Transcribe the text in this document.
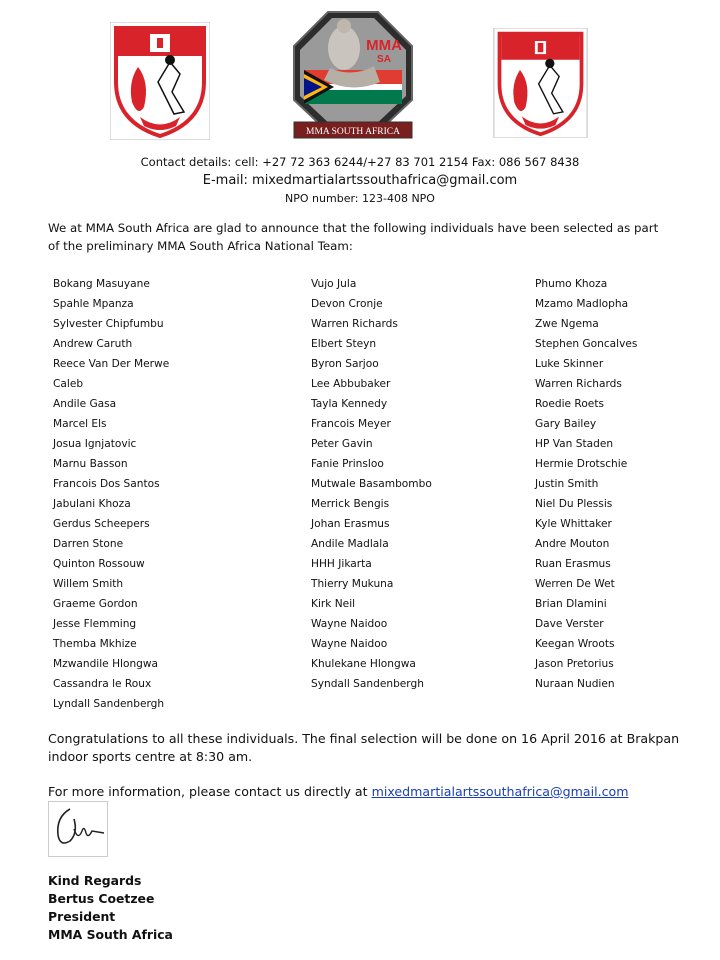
MMA
SA
MMA SOUTH AFRICA
Contact details: cell: +27 72 363 6244/+27 83 701 2154 Fax: 086 567 8438
E-mail: mixedmartialartssouthafrica@gmail.com
NPO number: 123-408 NPO
We at MMA South Africa are glad to announce that the following individuals have been selected as part of the preliminary MMA South Africa National Team:
Bokang Masuyane
Spahle Mpanza
Sylvester Chipfumbu
Andrew Caruth
Reece Van Der Merwe
Caleb
Andile Gasa
Marcel Els
Josua Ignjatovic
Marnu Basson
Francois Dos Santos
Jabulani Khoza
Gerdus Scheepers
Darren Stone
Quinton Rossouw
Willem Smith
Graeme Gordon
Jesse Flemming
Themba Mkhize
Mzwandile Hlongwa
Cassandra le Roux
Lyndall Sandenbergh
Vujo Jula
Devon Cronje
Warren Richards
Elbert Steyn
Byron Sarjoo
Lee Abbubaker
Tayla Kennedy
Francois Meyer
Peter Gavin
Fanie Prinsloo
Mutwale Basambombo
Merrick Bengis
Johan Erasmus
Andile Madlala
HHH Jikarta
Thierry Mukuna
Kirk Neil
Wayne Naidoo
Wayne Naidoo
Khulekane Hlongwa
Syndall Sandenbergh
Phumo Khoza
Mzamo Madlopha
Zwe Ngema
Stephen Goncalves
Luke Skinner
Warren Richards
Roedie Roets
Gary Bailey
HP Van Staden
Hermie Drotschie
Justin Smith
Niel Du Plessis
Kyle Whittaker
Andre Mouton
Ruan Erasmus
Werren De Wet
Brian Dlamini
Dave Verster
Keegan Wroots
Jason Pretorius
Nuraan Nudien
Congratulations to all these individuals. The final selection will be done on 16 April 2016 at Brakpan indoor sports centre at 8:30 am.
For more information, please contact us directly at mixedmartialartssouthafrica@gmail.com
Kind Regards
Bertus Coetzee
President
MMA South Africa
